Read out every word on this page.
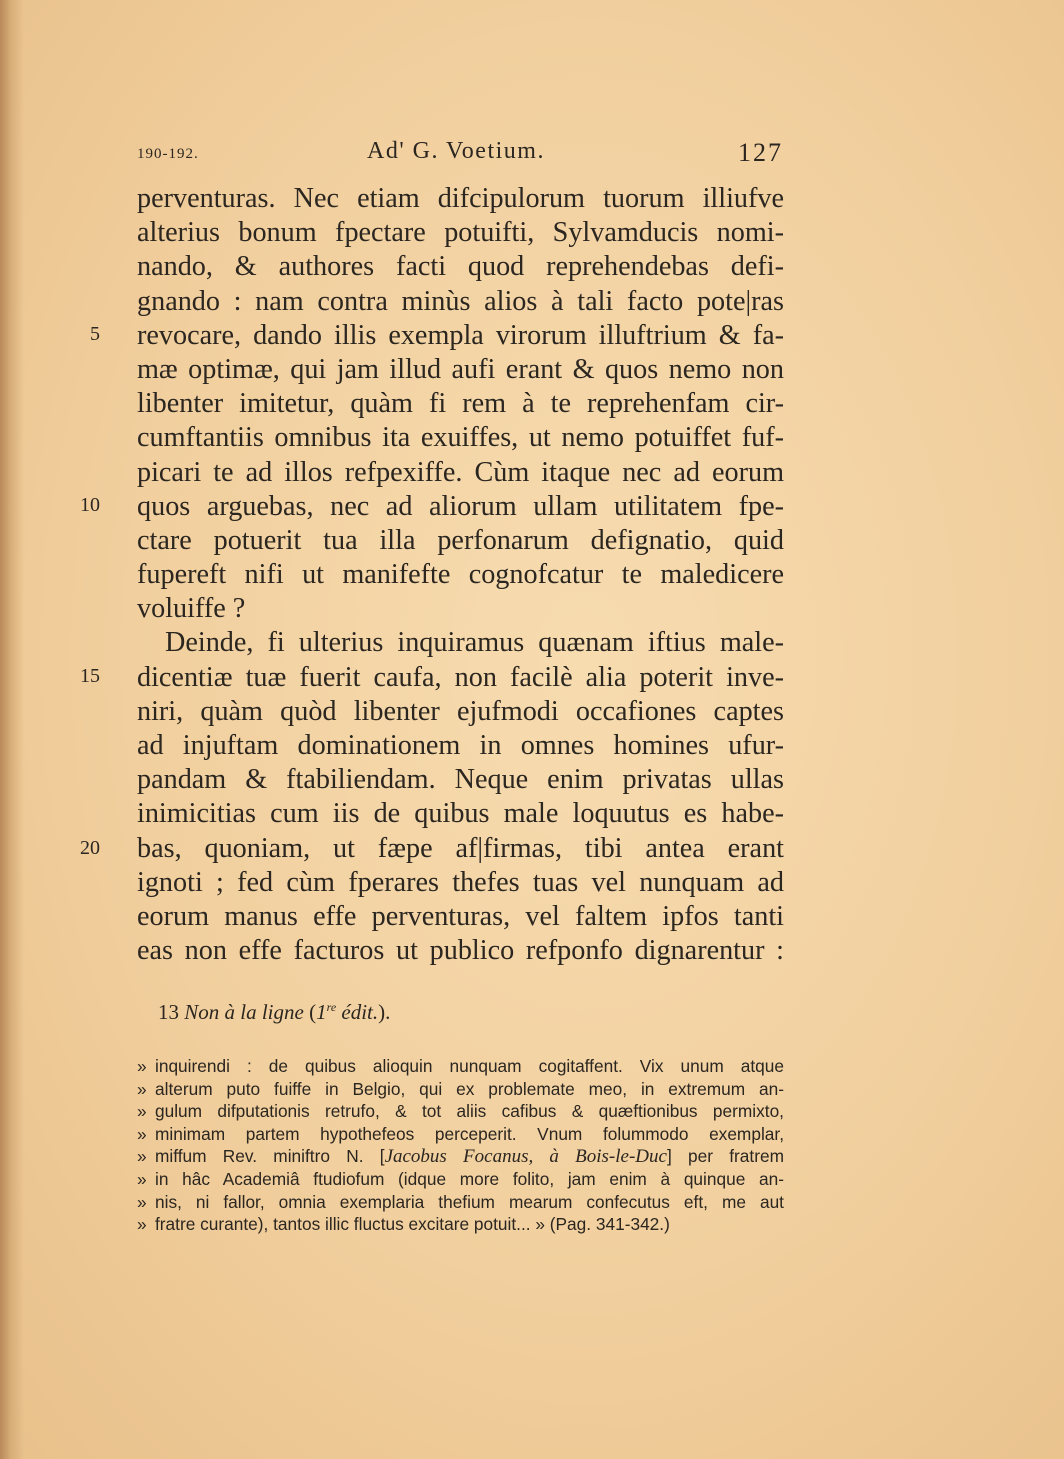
190-192.	Ad' G. Voetium.	127
5
10
15
20
perventuras. Nec etiam difcipulorum tuorum illiufve
alterius bonum fpectare potuifti, Sylvamducis nomi-
nando, & authores facti quod reprehendebas defi-
gnando : nam contra minùs alios à tali facto pote|ras
revocare, dando illis exempla virorum illuftrium & fa-
mæ optimæ, qui jam illud aufi erant & quos nemo non
libenter imitetur, quàm fi rem à te reprehenfam cir-
cumftantiis omnibus ita exuiffes, ut nemo potuiffet fuf-
picari te ad illos refpexiffe. Cùm itaque nec ad eorum
quos arguebas, nec ad aliorum ullam utilitatem fpe-
ctare potuerit tua illa perfonarum defignatio, quid
fupereft nifi ut manifefte cognofcatur te maledicere
voluiffe ?
Deinde, fi ulterius inquiramus quænam iftius male-
dicentiæ tuæ fuerit caufa, non facilè alia poterit inve-
niri, quàm quòd libenter ejufmodi occafiones captes
ad injuftam dominationem in omnes homines ufur-
pandam & ftabiliendam. Neque enim privatas ullas
inimicitias cum iis de quibus male loquutus es habe-
bas, quoniam, ut fæpe af|firmas, tibi antea erant
ignoti ; fed cùm fperares thefes tuas vel nunquam ad
eorum manus effe perventuras, vel faltem ipfos tanti
eas non effe facturos ut publico refponfo dignarentur :
13 Non à la ligne (1re édit.).
» inquirendi : de quibus alioquin nunquam cogitaffent. Vix unum atque
» alterum puto fuiffe in Belgio, qui ex problemate meo, in extremum an-
» gulum difputationis retrufo, & tot aliis cafibus & quæftionibus permixto,
» minimam partem hypothefeos perceperit. Vnum folummodo exemplar,
» miffum Rev. miniftro N. [Jacobus Focanus, à Bois-le-Duc] per fratrem
» in hâc Academiâ ftudiofum (idque more folito, jam enim à quinque an-
» nis, ni fallor, omnia exemplaria thefium mearum confecutus eft, me aut
» fratre curante), tantos illic fluctus excitare potuit... » (Pag. 341-342.)
